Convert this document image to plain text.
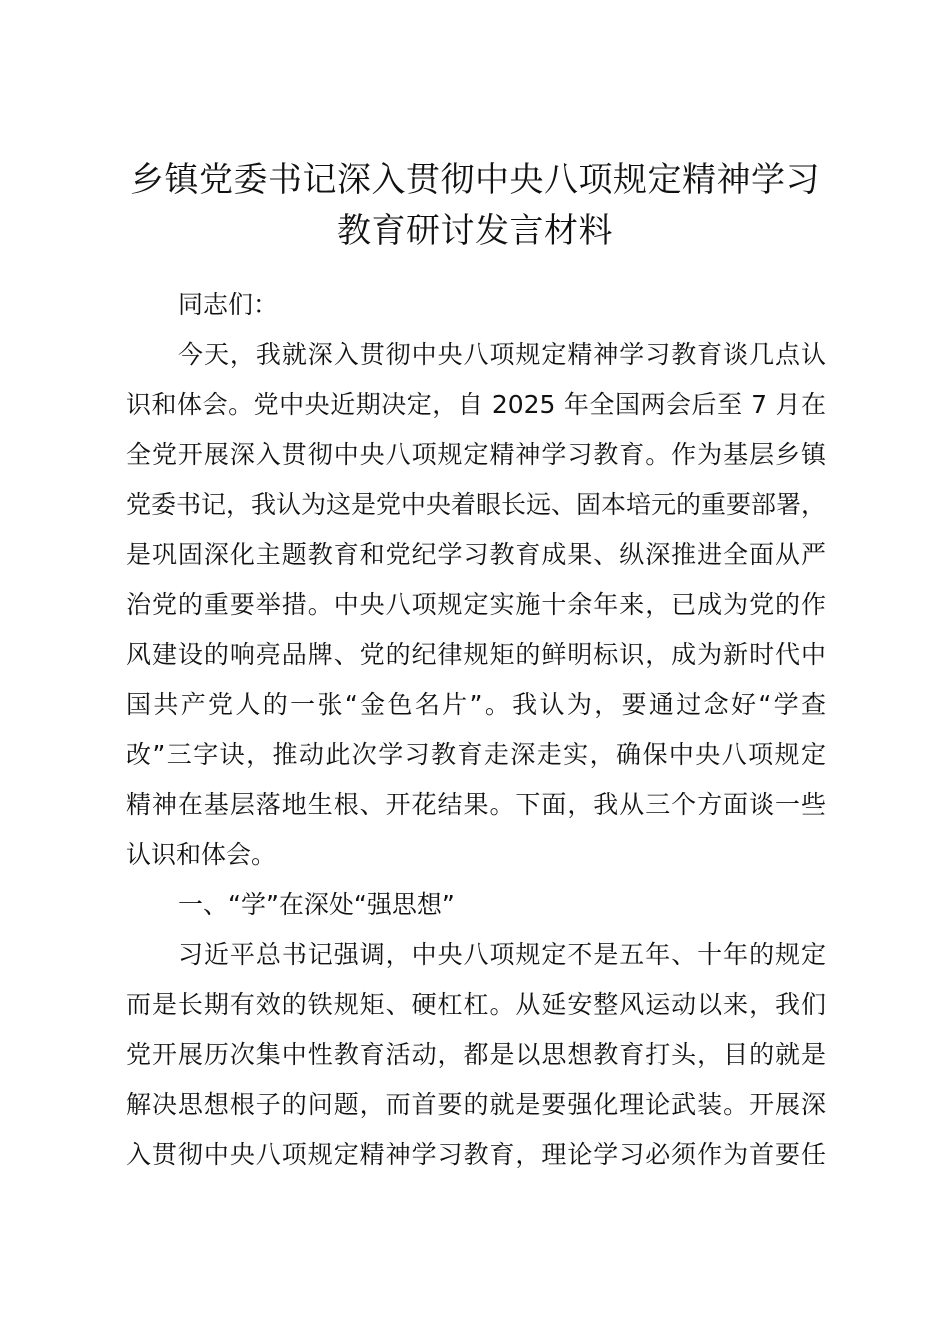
乡镇党委书记深入贯彻中央八项规定精神学习
教育研讨发言材料
同志们：
今天，我就深入贯彻中央八项规定精神学习教育谈几点认
识和体会。党中央近期决定，自 2025 年全国两会后至 7 月在
全党开展深入贯彻中央八项规定精神学习教育。作为基层乡镇
党委书记，我认为这是党中央着眼长远、固本培元的重要部署，
是巩固深化主题教育和党纪学习教育成果、纵深推进全面从严
治党的重要举措。中央八项规定实施十余年来，已成为党的作
风建设的响亮品牌、党的纪律规矩的鲜明标识，成为新时代中
国共产党人的一张“金色名片”。我认为，要通过念好“学查
改”三字诀，推动此次学习教育走深走实，确保中央八项规定
精神在基层落地生根、开花结果。下面，我从三个方面谈一些
认识和体会。
一、“学”在深处“强思想”
习近平总书记强调，中央八项规定不是五年、十年的规定
而是长期有效的铁规矩、硬杠杠。从延安整风运动以来，我们
党开展历次集中性教育活动，都是以思想教育打头，目的就是
解决思想根子的问题，而首要的就是要强化理论武装。开展深
入贯彻中央八项规定精神学习教育，理论学习必须作为首要任
